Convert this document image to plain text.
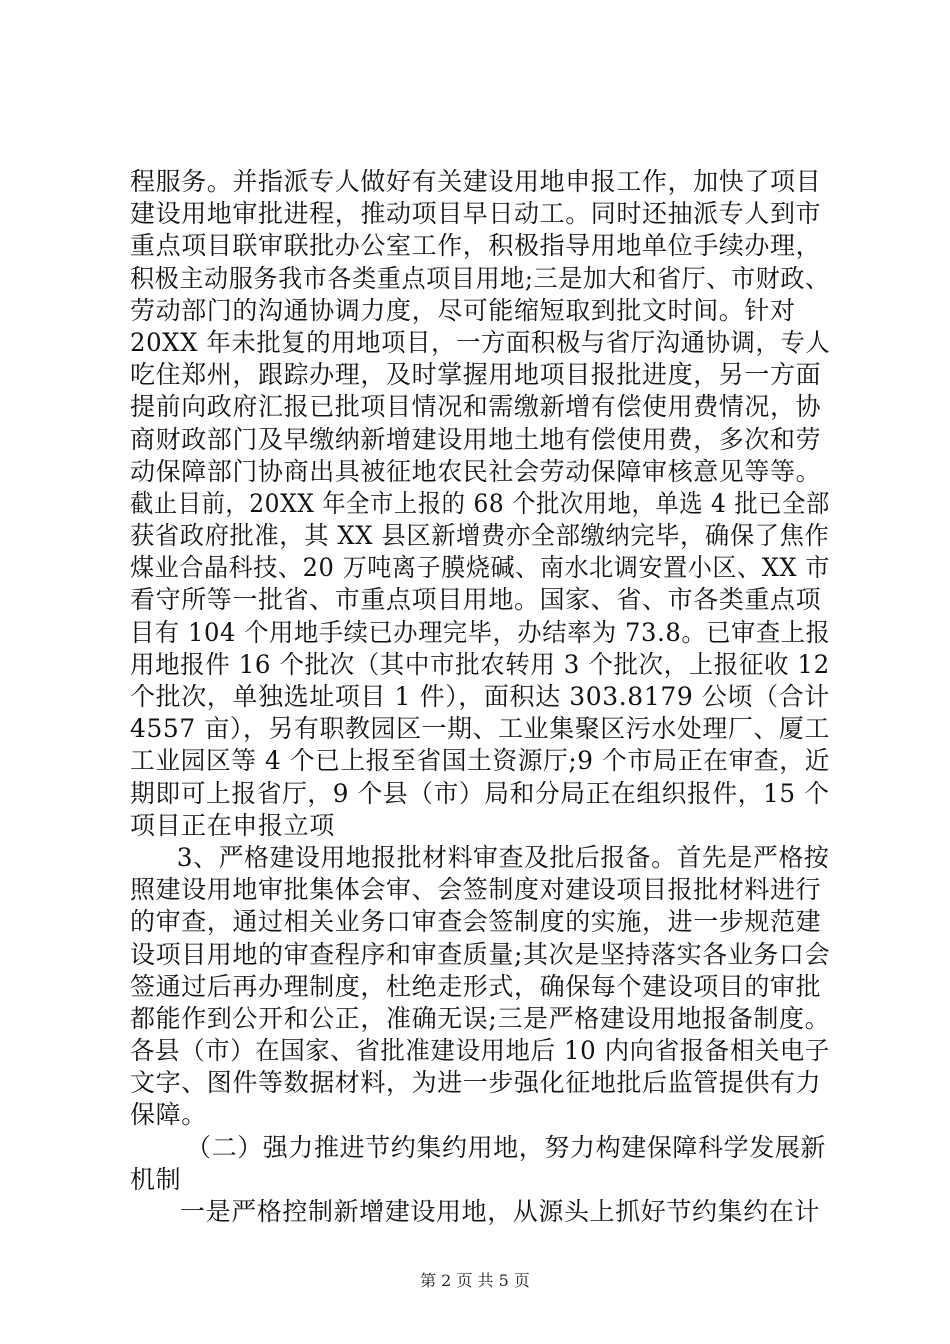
程服务。并指派专人做好有关建设用地申报工作，加快了项目
建设用地审批进程，推动项目早日动工。同时还抽派专人到市
重点项目联审联批办公室工作，积极指导用地单位手续办理，
积极主动服务我市各类重点项目用地;三是加大和省厅、市财政、
劳动部门的沟通协调力度，尽可能缩短取到批文时间。针对
20XX 年未批复的用地项目，一方面积极与省厅沟通协调，专人
吃住郑州，跟踪办理，及时掌握用地项目报批进度，另一方面
提前向政府汇报已批项目情况和需缴新增有偿使用费情况，协
商财政部门及早缴纳新增建设用地土地有偿使用费，多次和劳
动保障部门协商出具被征地农民社会劳动保障审核意见等等。
截止目前，20XX 年全市上报的 68 个批次用地，单选 4 批已全部
获省政府批准，其 XX 县区新增费亦全部缴纳完毕，确保了焦作
煤业合晶科技、20 万吨离子膜烧碱、南水北调安置小区、XX 市
看守所等一批省、市重点项目用地。国家、省、市各类重点项
目有 104 个用地手续已办理完毕，办结率为 73.8。已审查上报
用地报件 16 个批次（其中市批农转用 3 个批次，上报征收 12
个批次，单独选址项目 1 件），面积达 303.8179 公顷（合计
4557 亩），另有职教园区一期、工业集聚区污水处理厂、厦工
工业园区等 4 个已上报至省国土资源厅;9 个市局正在审查，近
期即可上报省厅，9 个县（市）局和分局正在组织报件，15 个
项目正在申报立项
3、严格建设用地报批材料审查及批后报备。首先是严格按
照建设用地审批集体会审、会签制度对建设项目报批材料进行
的审查，通过相关业务口审查会签制度的实施，进一步规范建
设项目用地的审查程序和审查质量;其次是坚持落实各业务口会
签通过后再办理制度，杜绝走形式，确保每个建设项目的审批
都能作到公开和公正，准确无误;三是严格建设用地报备制度。
各县（市）在国家、省批准建设用地后 10 内向省报备相关电子
文字、图件等数据材料，为进一步强化征地批后监管提供有力
保障。
（二）强力推进节约集约用地，努力构建保障科学发展新
机制
一是严格控制新增建设用地，从源头上抓好节约集约在计
第 2 页 共 5 页
